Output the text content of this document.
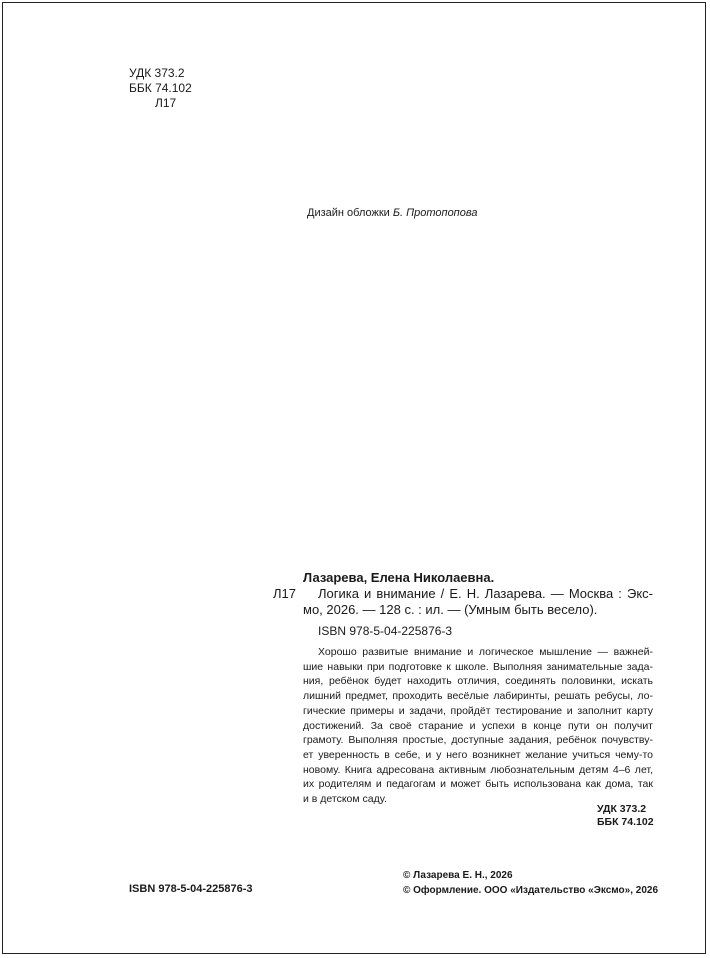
УДК 373.2
ББК 74.102
Л17
Дизайн обложки Б. Протопопова
Лазарева, Елена Николаевна.
Л17	Логика и внимание / Е. Н. Лазарева. — Москва : Экс-
мо, 2026. — 128 с. : ил. — (Умным быть весело).
ISBN 978-5-04-225876-3
Хорошо развитые внимание и логическое мышление — важней-
шие навыки при подготовке к школе. Выполняя занимательные зада-
ния, ребёнок будет находить отличия, соединять половинки, искать
лишний предмет, проходить весёлые лабиринты, решать ребусы, ло-
гические примеры и задачи, пройдёт тестирование и заполнит карту
достижений. За своё старание и успехи в конце пути он получит
грамоту. Выполняя простые, доступные задания, ребёнок почувству-
ет уверенность в себе, и у него возникнет желание учиться чему-то
новому. Книга адресована активным любознательным детям 4–6 лет,
их родителям и педагогам и может быть использована как дома, так
и в детском саду.
УДК 373.2
ББК 74.102
ISBN 978-5-04-225876-3
© Лазарева Е. Н., 2026
© Оформление. ООО «Издательство «Эксмо», 2026
